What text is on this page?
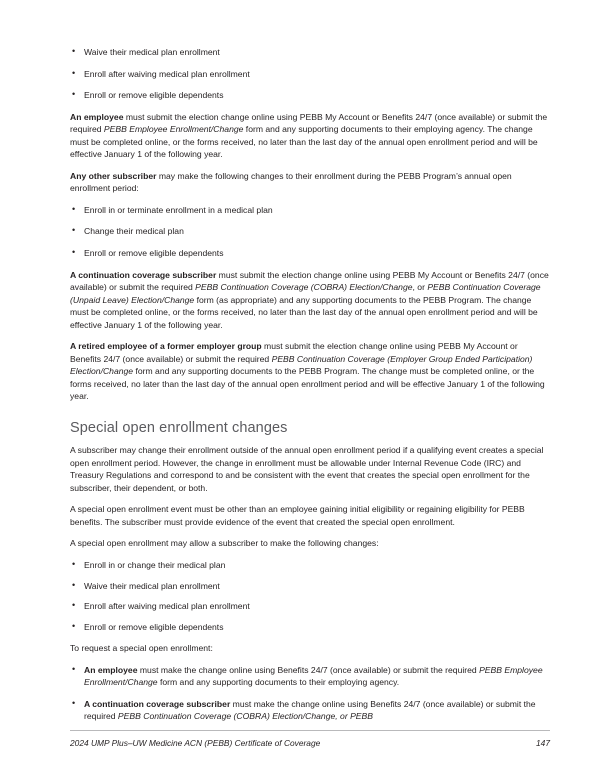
• Waive their medical plan enrollment
• Enroll after waiving medical plan enrollment
• Enroll or remove eligible dependents

An employee must submit the election change online using PEBB My Account or Benefits 24/7 (once available) or submit the required PEBB Employee Enrollment/Change form and any supporting documents to their employing agency. The change must be completed online, or the forms received, no later than the last day of the annual open enrollment period and will be effective January 1 of the following year.

Any other subscriber may make the following changes to their enrollment during the PEBB Program’s annual open enrollment period:

• Enroll in or terminate enrollment in a medical plan
• Change their medical plan
• Enroll or remove eligible dependents

A continuation coverage subscriber must submit the election change online using PEBB My Account or Benefits 24/7 (once available) or submit the required PEBB Continuation Coverage (COBRA) Election/Change, or PEBB Continuation Coverage (Unpaid Leave) Election/Change form (as appropriate) and any supporting documents to the PEBB Program. The change must be completed online, or the forms received, no later than the last day of the annual open enrollment period and will be effective January 1 of the following year.

A retired employee of a former employer group must submit the election change online using PEBB My Account or Benefits 24/7 (once available) or submit the required PEBB Continuation Coverage (Employer Group Ended Participation) Election/Change form and any supporting documents to the PEBB Program. The change must be completed online, or the forms received, no later than the last day of the annual open enrollment period and will be effective January 1 of the following year.

Special open enrollment changes

A subscriber may change their enrollment outside of the annual open enrollment period if a qualifying event creates a special open enrollment period. However, the change in enrollment must be allowable under Internal Revenue Code (IRC) and Treasury Regulations and correspond to and be consistent with the event that creates the special open enrollment for the subscriber, their dependent, or both.

A special open enrollment event must be other than an employee gaining initial eligibility or regaining eligibility for PEBB benefits. The subscriber must provide evidence of the event that created the special open enrollment.

A special open enrollment may allow a subscriber to make the following changes:

• Enroll in or change their medical plan
• Waive their medical plan enrollment
• Enroll after waiving medical plan enrollment
• Enroll or remove eligible dependents

To request a special open enrollment:

• An employee must make the change online using Benefits 24/7 (once available) or submit the required PEBB Employee Enrollment/Change form and any supporting documents to their employing agency.
• A continuation coverage subscriber must make the change online using Benefits 24/7 (once available) or submit the required PEBB Continuation Coverage (COBRA) Election/Change, or PEBB
2024 UMP Plus–UW Medicine ACN (PEBB) Certificate of Coverage	147
